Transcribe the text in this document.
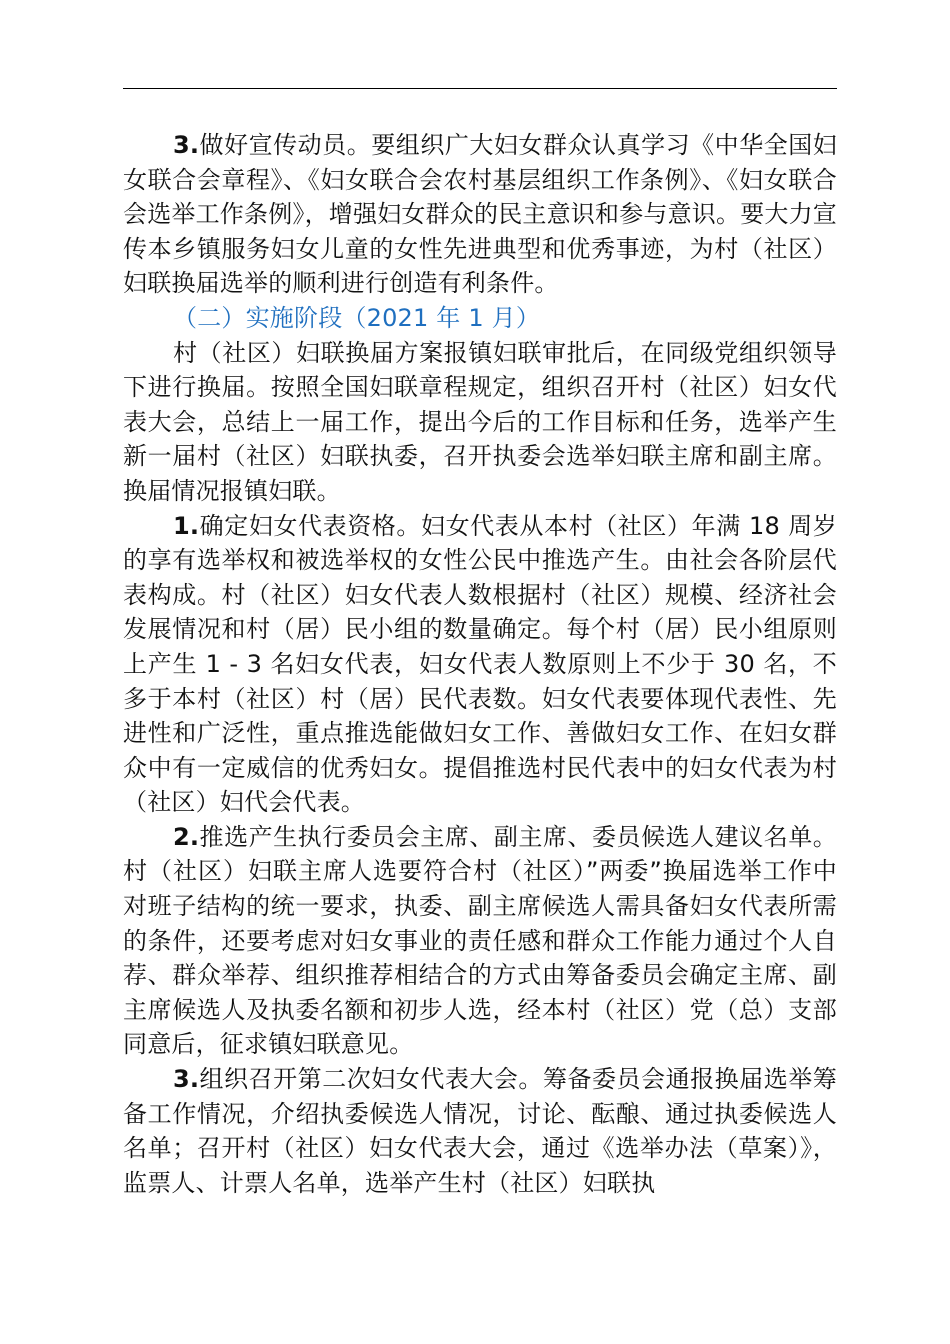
3.做好宣传动员。要组织广大妇女群众认真学习《中华全国妇女联合会章程》、《妇女联合会农村基层组织工作条例》、《妇女联合会选举工作条例》，增强妇女群众的民主意识和参与意识。要大力宣传本乡镇服务妇女儿童的女性先进典型和优秀事迹，为村（社区）妇联换届选举的顺利进行创造有利条件。

（二）实施阶段（2021 年 1 月）

村（社区）妇联换届方案报镇妇联审批后，在同级党组织领导下进行换届。按照全国妇联章程规定，组织召开村（社区）妇女代表大会，总结上一届工作，提出今后的工作目标和任务，选举产生新一届村（社区）妇联执委，召开执委会选举妇联主席和副主席。换届情况报镇妇联。

1.确定妇女代表资格。妇女代表从本村（社区）年满 18 周岁的享有选举权和被选举权的女性公民中推选产生。由社会各阶层代表构成。村（社区）妇女代表人数根据村（社区）规模、经济社会发展情况和村（居）民小组的数量确定。每个村（居）民小组原则上产生 1 - 3 名妇女代表，妇女代表人数原则上不少于 30 名，不多于本村（社区）村（居）民代表数。妇女代表要体现代表性、先进性和广泛性，重点推选能做妇女工作、善做妇女工作、在妇女群众中有一定威信的优秀妇女。提倡推选村民代表中的妇女代表为村（社区）妇代会代表。

2.推选产生执行委员会主席、副主席、委员候选人建议名单。村（社区）妇联主席人选要符合村（社区）”两委”换届选举工作中对班子结构的统一要求，执委、副主席候选人需具备妇女代表所需的条件，还要考虑对妇女事业的责任感和群众工作能力通过个人自荐、群众举荐、组织推荐相结合的方式由筹备委员会确定主席、副主席候选人及执委名额和初步人选，经本村（社区）党（总）支部同意后，征求镇妇联意见。

3.组织召开第二次妇女代表大会。筹备委员会通报换届选举筹备工作情况，介绍执委候选人情况，讨论、酝酿、通过执委候选人名单；召开村（社区）妇女代表大会，通过《选举办法（草案）》，监票人、计票人名单，选举产生村（社区）妇联执
